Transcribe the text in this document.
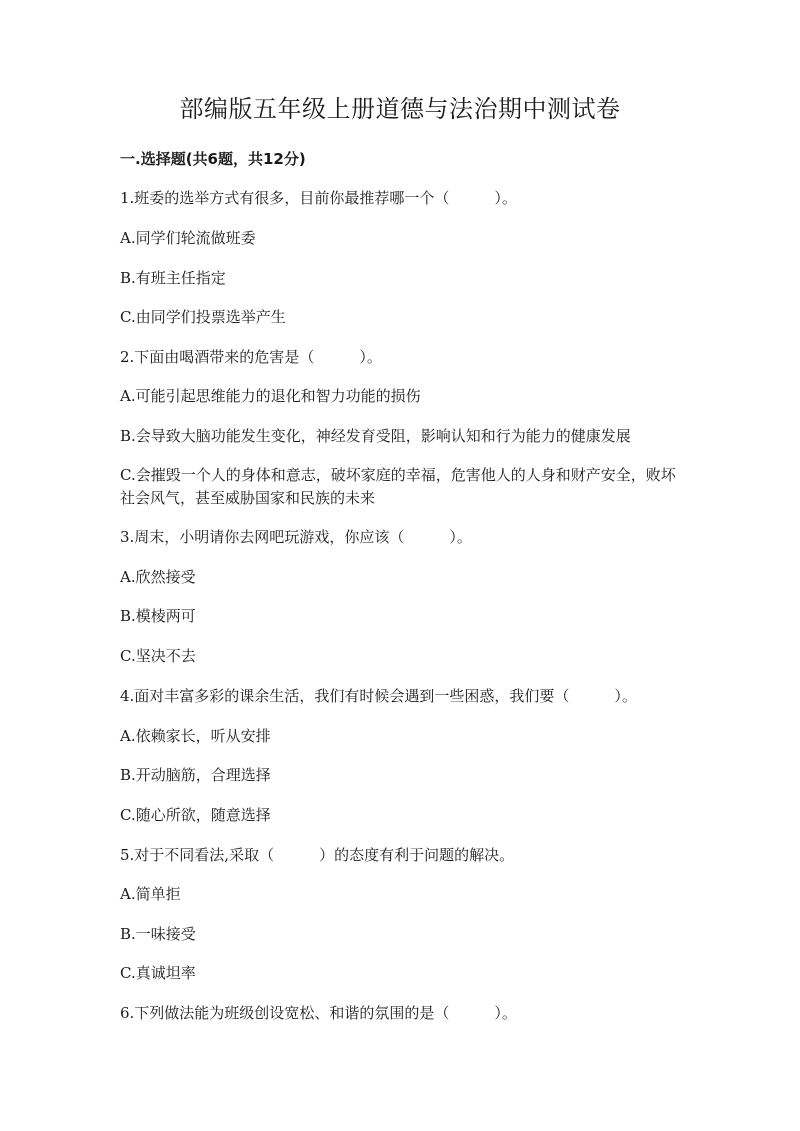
部编版五年级上册道德与法治期中测试卷
一.选择题(共6题，共12分)
1.班委的选举方式有很多，目前你最推荐哪一个（　　　）。
A.同学们轮流做班委
B.有班主任指定
C.由同学们投票选举产生
2.下面由喝酒带来的危害是（　　　）。
A.可能引起思维能力的退化和智力功能的损伤
B.会导致大脑功能发生变化，神经发育受阻，影响认知和行为能力的健康发展
C.会摧毁一个人的身体和意志，破坏家庭的幸福，危害他人的人身和财产安全，败坏社会风气，甚至威胁国家和民族的未来
3.周末，小明请你去网吧玩游戏，你应该（　　　）。
A.欣然接受
B.模棱两可
C.坚决不去
4.面对丰富多彩的课余生活，我们有时候会遇到一些困惑，我们要（　　　）。
A.依赖家长，听从安排
B.开动脑筋，合理选择
C.随心所欲，随意选择
5.对于不同看法,采取（　　　）的态度有利于问题的解决。
A.简单拒
B.一味接受
C.真诚坦率
6.下列做法能为班级创设宽松、和谐的氛围的是（　　　）。
